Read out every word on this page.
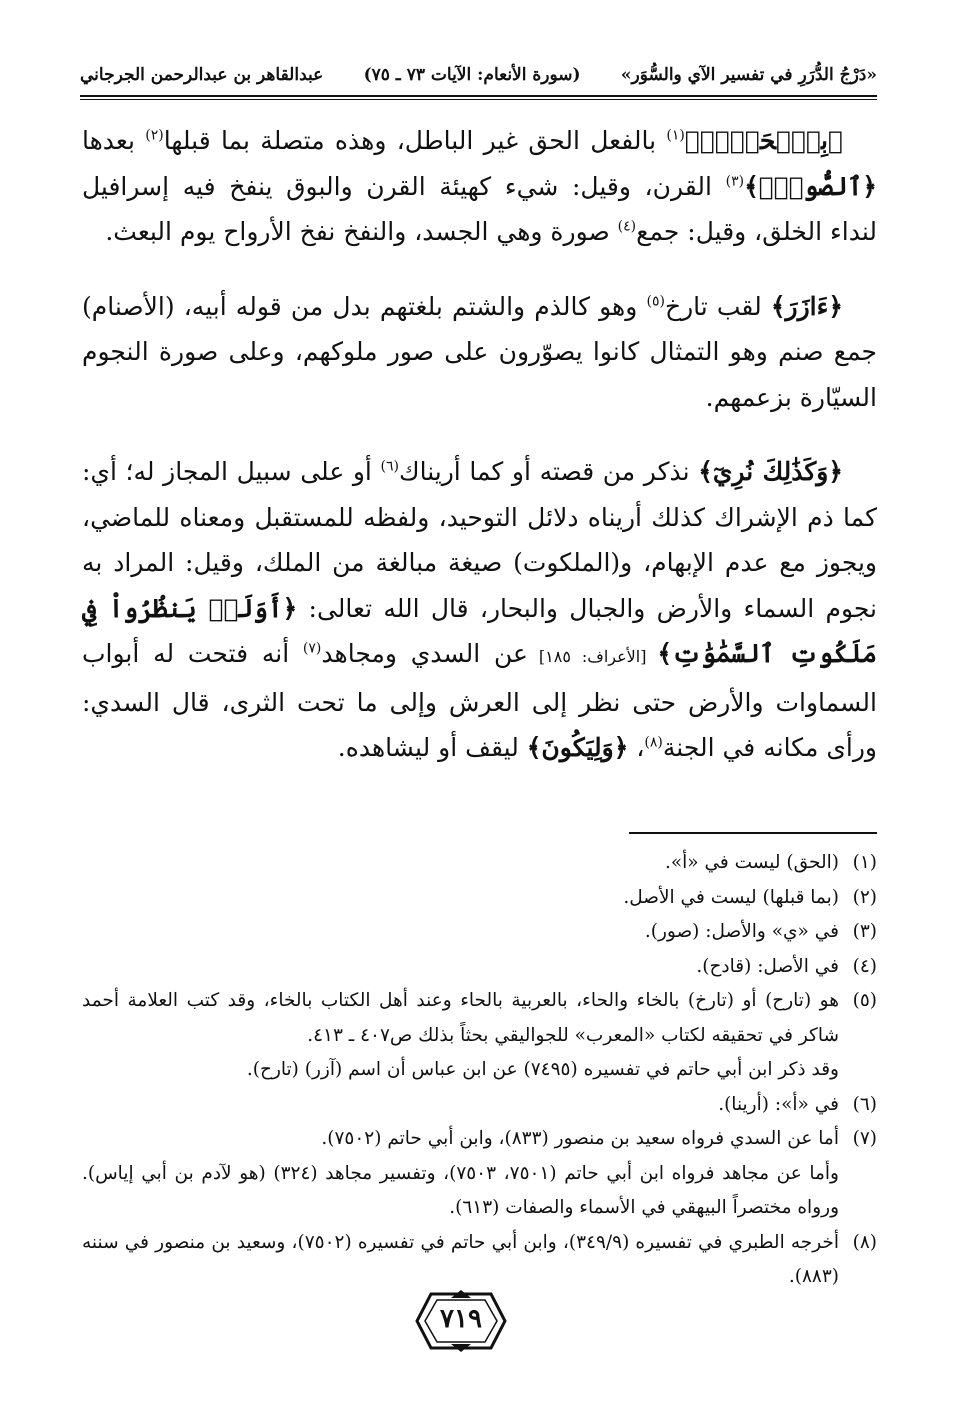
«دَرْجُ الدُّرَرِ في تفسير الآي والسُّوَر»
(سورة الأنعام: الآيات ٧٣ ـ ٧٥)
عبدالقاهر بن عبدالرحمن الجرجاني

﴿بِٱلۡحَقِّۚ﴾$^{(١)}$ بالفعل الحق غير الباطل، وهذه متصلة بما قبلها$^{(٢)}$ بعدها ﴿ٱلصُّورِۚ﴾$^{(٣)}$ القرن، وقيل: شيء كهيئة القرن والبوق ينفخ فيه إسرافيل لنداء الخلق، وقيل: جمع$^{(٤)}$ صورة وهي الجسد، والنفخ نفخ الأرواح يوم البعث.

﴿ءَازَرَ﴾ لقب تارخ$^{(٥)}$ وهو كالذم والشتم بلغتهم بدل من قوله أبيه، (الأصنام) جمع صنم وهو التمثال كانوا يصوّرون على صور ملوكهم، وعلى صورة النجوم السيّارة بزعمهم.

﴿وَكَذَٰلِكَ نُرِيٓ﴾ نذكر من قصته أو كما أريناك$^{(٦)}$ أو على سبيل المجاز له؛ أي: كما ذم الإشراك كذلك أريناه دلائل التوحيد، ولفظه للمستقبل ومعناه للماضي، ويجوز مع عدم الإبهام، و(الملكوت) صيغة مبالغة من الملك، وقيل: المراد به نجوم السماء والأرض والجبال والبحار، قال الله تعالى: ﴿أَوَلَمۡ يَنظُرُواْ فِي مَلَكُوتِ ٱلسَّمَٰوَٰتِ﴾ [الأعراف: ١٨٥] عن السدي ومجاهد$^{(٧)}$ أنه فتحت له أبواب السماوات والأرض حتى نظر إلى العرش وإلى ما تحت الثرى، قال السدي: ورأى مكانه في الجنة$^{(٨)}$، ﴿وَلِيَكُونَ﴾ ليقف أو ليشاهده.

(١)
(الحق) ليست في «أ».
(٢)
(بما قبلها) ليست في الأصل.
(٣)
في «ي» والأصل: (صور).
(٤)
في الأصل: (قادح).
(٥)
هو (تارح) أو (تارخ) بالخاء والحاء، بالعربية بالحاء وعند أهل الكتاب بالخاء، وقد كتب العلامة أحمد شاكر في تحقيقه لكتاب «المعرب» للجواليقي بحثاً بذلك ص٤٠٧ ـ ٤١٣.
وقد ذكر ابن أبي حاتم في تفسيره (٧٤٩٥) عن ابن عباس أن اسم (آزر) (تارح).
(٦)
في «أ»: (أرينا).
(٧)
أما عن السدي فرواه سعيد بن منصور (٨٣٣)، وابن أبي حاتم (٧٥٠٢).
وأما عن مجاهد فرواه ابن أبي حاتم (٧٥٠١، ٧٥٠٣)، وتفسير مجاهد (٣٢٤) (هو لآدم بن أبي إياس). ورواه مختصراً البيهقي في الأسماء والصفات (٦١٣).
(٨)
أخرجه الطبري في تفسيره (٣٤٩/٩)، وابن أبي حاتم في تفسيره (٧٥٠٢)، وسعيد بن منصور في سننه (٨٨٣).
٧١٩
